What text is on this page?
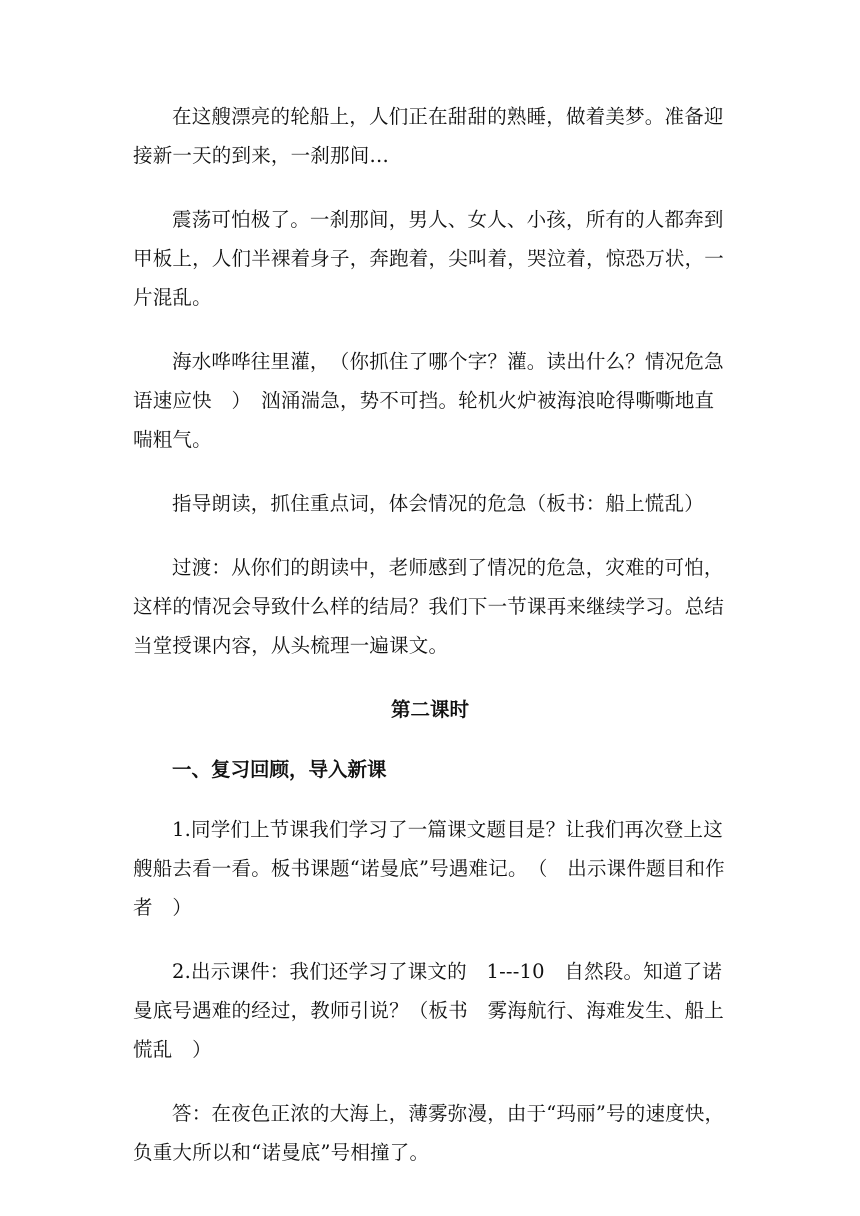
在这艘漂亮的轮船上，人们正在甜甜的熟睡，做着美梦。准备迎接新一天的到来，一刹那间…

震荡可怕极了。一刹那间，男人、女人、小孩，所有的人都奔到甲板上，人们半裸着身子，奔跑着，尖叫着，哭泣着，惊恐万状，一片混乱。

海水哗哗往里灌，　（你抓住了哪个字？灌。读出什么？情况危急语速应快　）　汹涌湍急，势不可挡。轮机火炉被海浪呛得嘶嘶地直喘粗气。

指导朗读，抓住重点词，体会情况的危急（板书：船上慌乱）

过渡：从你们的朗读中，老师感到了情况的危急，灾难的可怕，这样的情况会导致什么样的结局？我们下一节课再来继续学习。总结当堂授课内容，从头梳理一遍课文。

第二课时

一、复习回顾，导入新课

1.同学们上节课我们学习了一篇课文题目是？让我们再次登上这艘船去看一看。板书课题“诺曼底”号遇难记。　（　出示课件题目和作者　）

2.出示课件：我们还学习了课文的　1---10　自然段。知道了诺曼底号遇难的经过，教师引说？（板书　雾海航行、海难发生、船上慌乱　）

答：在夜色正浓的大海上，薄雾弥漫，由于“玛丽”号的速度快，负重大所以和“诺曼底”号相撞了。
